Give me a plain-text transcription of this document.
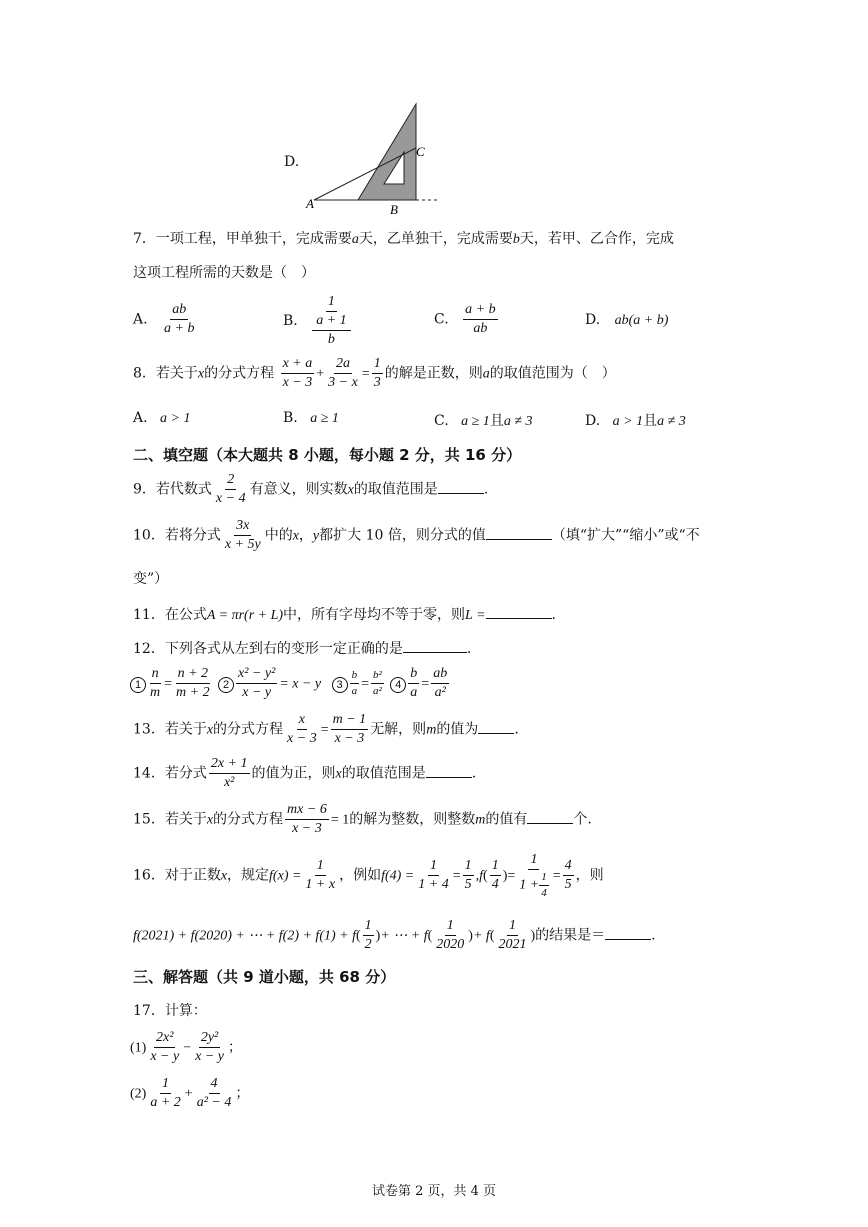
D.
A	B
C
7．一项工程，甲单独干，完成需要a天，乙单独干，完成需要b天，若甲、乙合作，完成
这项工程所需的天数是（　）
A. $\frac{ab}{a + b}$	B. $\frac{\frac{1}{a + 1}}{b}$	C. $\frac{a + b}{ab}$	D. ab(a + b)
8．若关于x的分式方程 $\frac{x + a}{x - 3} + \frac{2a}{3 - x} = \frac{1}{3}$ 的解是正数，则a的取值范围为（　）
A. a > 1	B. a ≥ 1	C. a ≥ 1且a ≠ 3	D. a > 1且a ≠ 3
二、填空题（本大题共 8 小题，每小题 2 分，共 16 分）
9．若代数式 $\frac{2}{x - 4}$ 有意义，则实数x的取值范围是	.
10．若将分式 $\frac{3x}{x + 5y}$ 中的x，y都扩大 10 倍，则分式的值	（填“扩大”“缩小”或“不
变”）
11．在公式A = πr(r + L)中，所有字母均不等于零，则L =	.
12．下列各式从左到右的变形一定正确的是	.
$1 \frac{n}{m} = \frac{n + 2}{m + 2} 2 \frac{\text{x² − y²}}{x - y} = x - y$ $3 \frac{b}{a} = \frac{\text{b²}}{\text{a²}} 4 \frac{b}{a} = \frac{ab}{\text{a²}}$
13．若关于x的分式方程 $\frac{x}{x - 3} = \frac{m - 1}{x - 3}$ 无解，则m的值为	.
14．若分式 $\frac{2x + 1}{\text{x²}}$ 的值为正，则x的取值范围是	.
15．若关于x的分式方程 $\frac{mx - 6}{x - 3} = 1$的解为整数，则整数m的值有	个.
16．对于正数x，规定$f(x) = \frac{1}{1 + x}$ ，例如$f(4) = \frac{1}{1 + 4} = \frac{1}{5} ,f( \frac{1}{4}$ )= $\frac{1}{1 + \frac{1}{4}} = \frac{4}{5}$ ，则
f(2021) + f(2020) + ⋯ + $f(2) + f(1) + f( \frac{1}{2}$ )+ ⋯ + $f( \frac{1}{2020}$ )+ $f( \frac{1}{2021}$ )的结果是＝	.
三、解答题（共 9 道小题，共 68 分）
17．计算：
$(1) \frac{\text{2x²}}{x - y} - \frac{\text{2y²}}{x - y}$ ；
$(2) \frac{1}{a + 2} + \frac{4}{\text{a² − 4}}$ ；
试卷第 2 页，共 4 页
